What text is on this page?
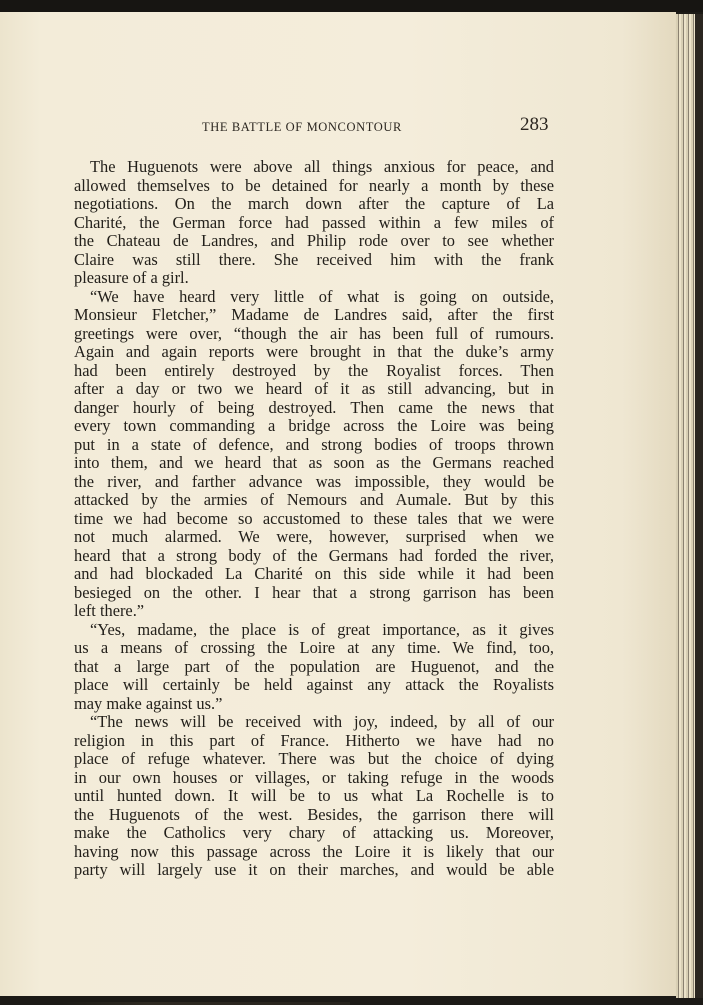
THE BATTLE OF MONCONTOUR	283
The Huguenots were above all things anxious for peace, and
allowed themselves to be detained for nearly a month by these
negotiations. On the march down after the capture of La
Charité, the German force had passed within a few miles of
the Chateau de Landres, and Philip rode over to see whether
Claire was still there. She received him with the frank
pleasure of a girl.
“We have heard very little of what is going on outside,
Monsieur Fletcher,” Madame de Landres said, after the first
greetings were over, “though the air has been full of rumours.
Again and again reports were brought in that the duke’s army
had been entirely destroyed by the Royalist forces. Then
after a day or two we heard of it as still advancing, but in
danger hourly of being destroyed. Then came the news that
every town commanding a bridge across the Loire was being
put in a state of defence, and strong bodies of troops thrown
into them, and we heard that as soon as the Germans reached
the river, and farther advance was impossible, they would be
attacked by the armies of Nemours and Aumale. But by this
time we had become so accustomed to these tales that we were
not much alarmed. We were, however, surprised when we
heard that a strong body of the Germans had forded the river,
and had blockaded La Charité on this side while it had been
besieged on the other. I hear that a strong garrison has been
left there.”
“Yes, madame, the place is of great importance, as it gives
us a means of crossing the Loire at any time. We find, too,
that a large part of the population are Huguenot, and the
place will certainly be held against any attack the Royalists
may make against us.”
“The news will be received with joy, indeed, by all of our
religion in this part of France. Hitherto we have had no
place of refuge whatever. There was but the choice of dying
in our own houses or villages, or taking refuge in the woods
until hunted down. It will be to us what La Rochelle is to
the Huguenots of the west. Besides, the garrison there will
make the Catholics very chary of attacking us. Moreover,
having now this passage across the Loire it is likely that our
party will largely use it on their marches, and would be able
